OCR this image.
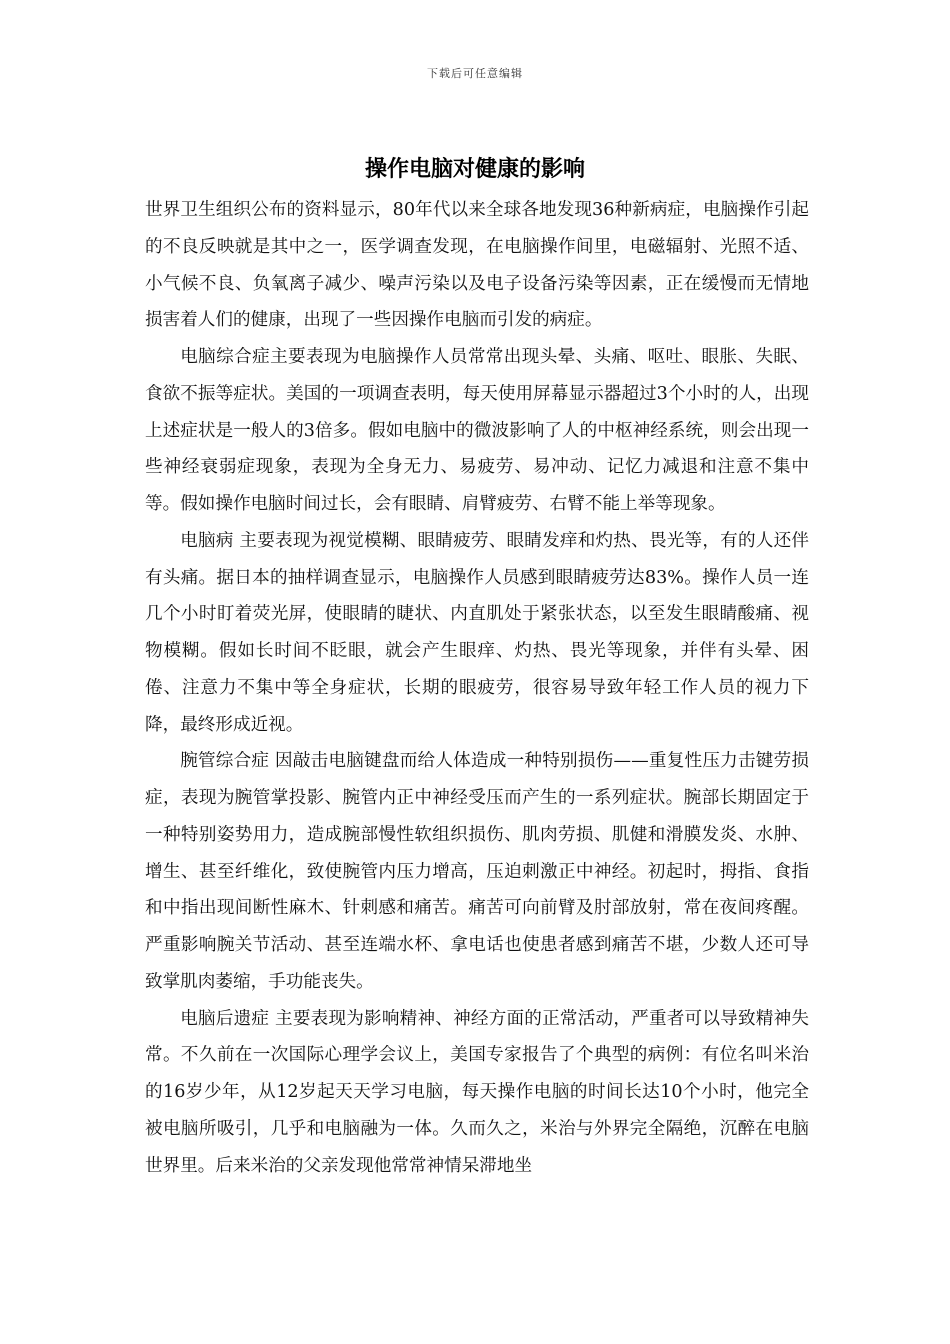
下载后可任意编辑
操作电脑对健康的影响

世界卫生组织公布的资料显示，80年代以来全球各地发现36种新病症，电脑操作引起的不良反映就是其中之一，医学调查发现，在电脑操作间里，电磁辐射、光照不适、小气候不良、负氧离子减少、噪声污染以及电子设备污染等因素，正在缓慢而无情地损害着人们的健康，出现了一些因操作电脑而引发的病症。

电脑综合症主要表现为电脑操作人员常常出现头晕、头痛、呕吐、眼胀、失眠、食欲不振等症状。美国的一项调查表明，每天使用屏幕显示器超过3个小时的人，出现上述症状是一般人的3倍多。假如电脑中的微波影响了人的中枢神经系统，则会出现一些神经衰弱症现象，表现为全身无力、易疲劳、易冲动、记忆力减退和注意不集中等。假如操作电脑时间过长，会有眼睛、肩臂疲劳、右臂不能上举等现象。

电脑病 主要表现为视觉模糊、眼睛疲劳、眼睛发痒和灼热、畏光等，有的人还伴有头痛。据日本的抽样调查显示，电脑操作人员感到眼睛疲劳达83%。操作人员一连几个小时盯着荧光屏，使眼睛的睫状、内直肌处于紧张状态，以至发生眼睛酸痛、视物模糊。假如长时间不眨眼，就会产生眼痒、灼热、畏光等现象，并伴有头晕、困倦、注意力不集中等全身症状，长期的眼疲劳，很容易导致年轻工作人员的视力下降，最终形成近视。

腕管综合症 因敲击电脑键盘而给人体造成一种特别损伤——重复性压力击键劳损症，表现为腕管掌投影、腕管内正中神经受压而产生的一系列症状。腕部长期固定于一种特别姿势用力，造成腕部慢性软组织损伤、肌肉劳损、肌健和滑膜发炎、水肿、增生、甚至纤维化，致使腕管内压力增高，压迫刺激正中神经。初起时，拇指、食指和中指出现间断性麻木、针刺感和痛苦。痛苦可向前臂及肘部放射，常在夜间疼醒。严重影响腕关节活动、甚至连端水杯、拿电话也使患者感到痛苦不堪，少数人还可导致掌肌肉萎缩，手功能丧失。

电脑后遗症 主要表现为影响精神、神经方面的正常活动，严重者可以导致精神失常。不久前在一次国际心理学会议上，美国专家报告了个典型的病例：有位名叫米治的16岁少年，从12岁起天天学习电脑，每天操作电脑的时间长达10个小时，他完全被电脑所吸引，几乎和电脑融为一体。久而久之，米治与外界完全隔绝，沉醉在电脑世界里。后来米治的父亲发现他常常神情呆滞地坐
